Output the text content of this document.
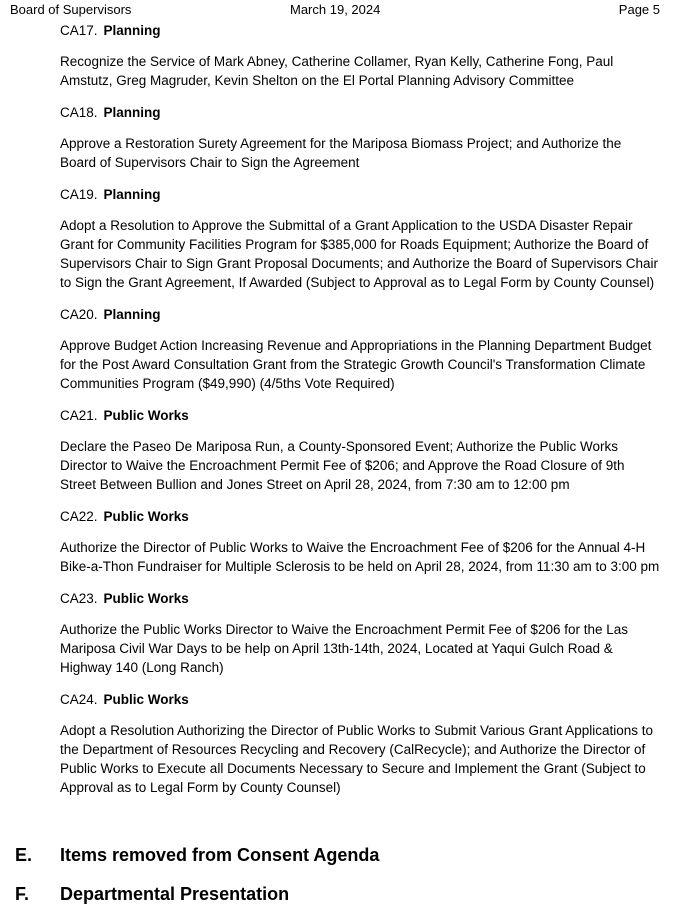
Board of Supervisors	March 19, 2024	Page 5

CA17. Planning

Recognize the Service of Mark Abney, Catherine Collamer, Ryan Kelly, Catherine Fong, Paul Amstutz, Greg Magruder, Kevin Shelton on the El Portal Planning Advisory Committee

CA18. Planning

Approve a Restoration Surety Agreement for the Mariposa Biomass Project; and Authorize the Board of Supervisors Chair to Sign the Agreement

CA19. Planning

Adopt a Resolution to Approve the Submittal of a Grant Application to the USDA Disaster Repair Grant for Community Facilities Program for $385,000 for Roads Equipment; Authorize the Board of Supervisors Chair to Sign Grant Proposal Documents; and Authorize the Board of Supervisors Chair to Sign the Grant Agreement, If Awarded (Subject to Approval as to Legal Form by County Counsel)

CA20. Planning

Approve Budget Action Increasing Revenue and Appropriations in the Planning Department Budget for the Post Award Consultation Grant from the Strategic Growth Council's Transformation Climate Communities Program ($49,990) (4/5ths Vote Required)

CA21. Public Works

Declare the Paseo De Mariposa Run, a County-Sponsored Event; Authorize the Public Works Director to Waive the Encroachment Permit Fee of $206; and Approve the Road Closure of 9th Street Between Bullion and Jones Street on April 28, 2024, from 7:30 am to 12:00 pm

CA22. Public Works

Authorize the Director of Public Works to Waive the Encroachment Fee of $206 for the Annual 4-H Bike-a-Thon Fundraiser for Multiple Sclerosis to be held on April 28, 2024, from 11:30 am to 3:00 pm

CA23. Public Works

Authorize the Public Works Director to Waive the Encroachment Permit Fee of $206 for the Las Mariposa Civil War Days to be help on April 13th-14th, 2024, Located at Yaqui Gulch Road & Highway 140 (Long Ranch)

CA24. Public Works

Adopt a Resolution Authorizing the Director of Public Works to Submit Various Grant Applications to the Department of Resources Recycling and Recovery (CalRecycle); and Authorize the Director of Public Works to Execute all Documents Necessary to Secure and Implement the Grant (Subject to Approval as to Legal Form by County Counsel)

E. Items removed from Consent Agenda
F. Departmental Presentation
